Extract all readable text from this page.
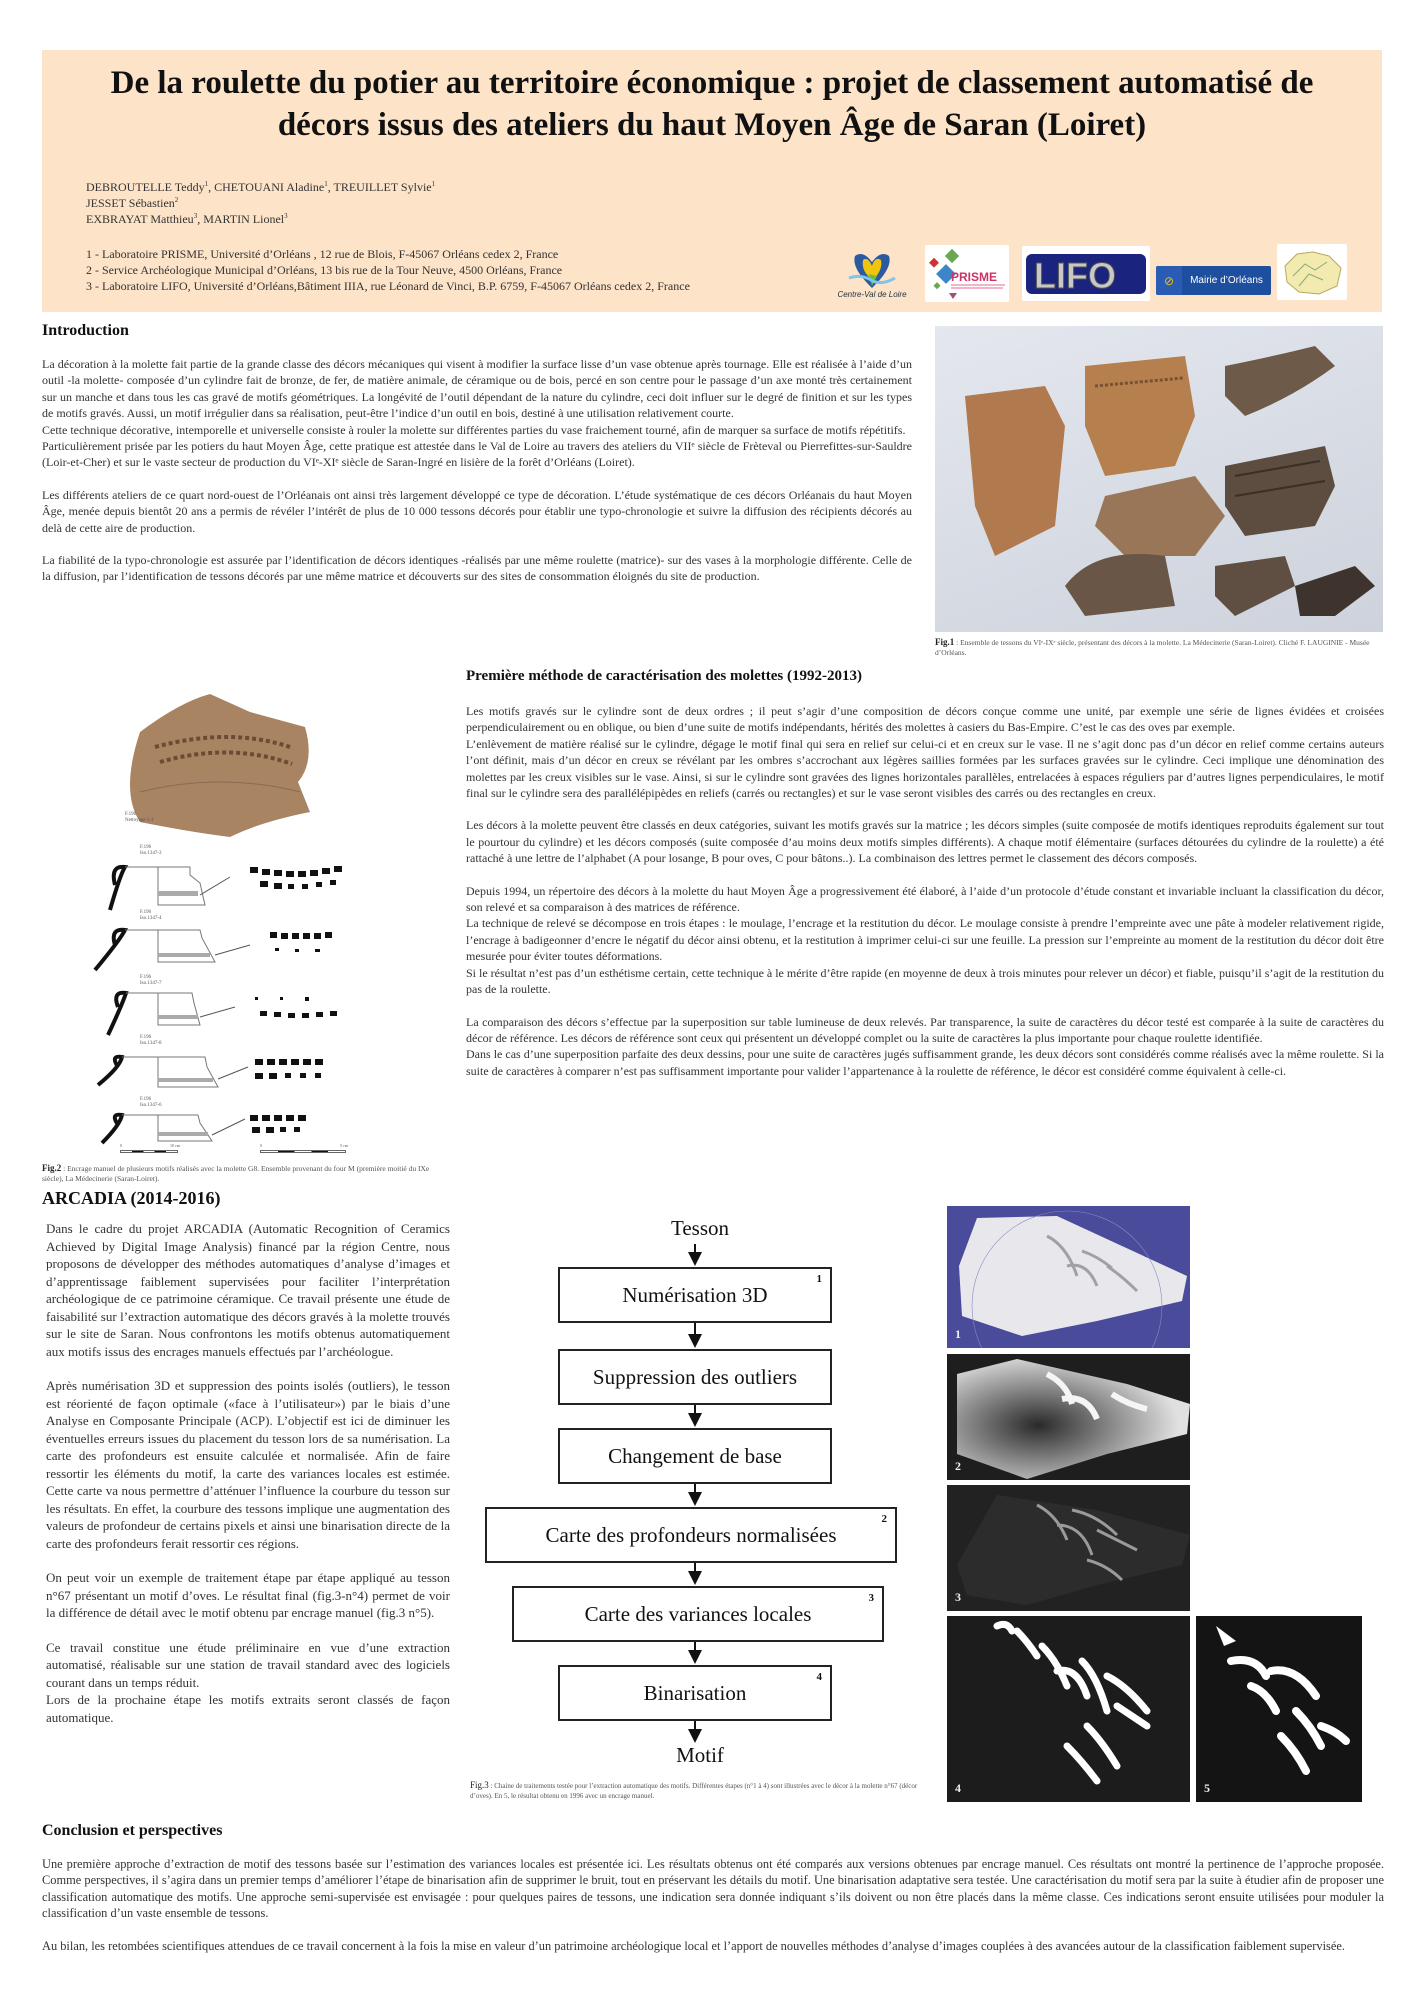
De la roulette du potier au territoire économique : projet de classement automatisé de
décors issus des ateliers du haut Moyen Âge de Saran (Loiret)
DEBROUTELLE Teddy$^1$, CHETOUANI Aladine$^1$, TREUILLET Sylvie$^1$
JESSET Sébastien$^2$
EXBRAYAT Matthieu$^3$, MARTIN Lionel$^3$
1 - Laboratoire PRISME, Université d’Orléans , 12 rue de Blois, F-45067 Orléans cedex 2, France
2 - Service Archéologique Municipal d’Orléans, 13 bis rue de la Tour Neuve, 4500 Orléans, France
3 - Laboratoire LIFO, Université d’Orléans,Bâtiment IIIA, rue Léonard de Vinci, B.P. 6759, F-45067 Orléans cedex 2, France
Centre-Val de Loire
PRISME LIFO	⊘	Mairie d’Orléans
Introduction

La décoration à la molette fait partie de la grande classe des décors mécaniques qui visent à modifier la surface lisse d’un vase obtenue après tournage. Elle est réalisée à l’aide d’un outil -la molette- composée d’un cylindre fait de bronze, de fer, de matière animale, de céramique ou de bois, percé en son centre pour le passage d’un axe monté très certainement sur un manche et dans tous les cas gravé de motifs géométriques. La longévité de l’outil dépendant de la nature du cylindre, ceci doit influer sur le degré de finition et sur les types de motifs gravés. Aussi, un motif irrégulier dans sa réalisation, peut-être l’indice d’un outil en bois, destiné à une utilisation relativement courte.

Cette technique décorative, intemporelle et universelle consiste à rouler la molette sur différentes parties du vase fraichement tourné, afin de marquer sa surface de motifs répétitifs.

Particulièrement prisée par les potiers du haut Moyen Âge, cette pratique est attestée dans le Val de Loire au travers des ateliers du VIIᵉ siècle de Frèteval ou Pierrefittes-sur-Sauldre (Loir-et-Cher) et sur le vaste secteur de production du VIᵉ-XIᵉ siècle de Saran-Ingré en lisière de la forêt d’Orléans (Loiret).

Les différents ateliers de ce quart nord-ouest de l’Orléanais ont ainsi très largement développé ce type de décoration. L’étude systématique de ces décors Orléanais du haut Moyen Âge, menée depuis bientôt 20 ans a permis de révéler l’intérêt de plus de 10 000 tessons décorés pour établir une typo-chronologie et suivre la diffusion des récipients décorés au delà de cette aire de production.

La fiabilité de la typo-chronologie est assurée par l’identification de décors identiques -réalisés par une même roulette (matrice)- sur des vases à la morphologie différente. Celle de la diffusion, par l’identification de tessons décorés par une même matrice et découverts sur des sites de consommation éloignés du site de production.

Fig.1 : Ensemble de tessons du VIᵉ-IXᵉ siècle, présentant des décors à la molette. La Médecinerie (Saran-Loiret). Cliché F. LAUGINIE - Musée d’Orléans.
F.196
Nettoyage 1-1
F.196
Iso.1347-3
F.196
Iso.1347-4
F.196
Iso.1347-7
F.196
Iso.1347-8
F.196
Iso.1347-6
0	10 cm	0	5 cm
Fig.2 : Encrage manuel de plusieurs motifs réalisés avec la molette G8. Ensemble provenant du four M (première moitié du IXe siècle), La Médecinerie (Saran-Loiret).
Première méthode de caractérisation des molettes (1992-2013)

Les motifs gravés sur le cylindre sont de deux ordres ; il peut s’agir d’une composition de décors conçue comme une unité, par exemple une série de lignes évidées et croisées perpendiculairement ou en oblique, ou bien d’une suite de motifs indépendants, hérités des molettes à casiers du Bas-Empire. C’est le cas des oves par exemple.

L’enlèvement de matière réalisé sur le cylindre, dégage le motif final qui sera en relief sur celui-ci et en creux sur le vase. Il ne s’agit donc pas d’un décor en relief comme certains auteurs l’ont définit, mais d’un décor en creux se révélant par les ombres s’accrochant aux légères saillies formées par les surfaces gravées sur le cylindre. Ceci implique une dénomination des molettes par les creux visibles sur le vase. Ainsi, si sur le cylindre sont gravées des lignes horizontales parallèles, entrelacées à espaces réguliers par d’autres lignes perpendiculaires, le motif final sur le cylindre sera des parallélépipèdes en reliefs (carrés ou rectangles) et sur le vase seront visibles des carrés ou des rectangles en creux.

Les décors à la molette peuvent être classés en deux catégories, suivant les motifs gravés sur la matrice ; les décors simples (suite composée de motifs identiques reproduits également sur tout le pourtour du cylindre) et les décors composés (suite composée d’au moins deux motifs simples différents). A chaque motif élémentaire (surfaces détourées du cylindre de la roulette) a été rattaché à une lettre de l’alphabet (A pour losange, B pour oves, C pour bâtons..). La combinaison des lettres permet le classement des décors composés.

Depuis 1994, un répertoire des décors à la molette du haut Moyen Âge a progressivement été élaboré, à l’aide d’un protocole d’étude constant et invariable incluant la classification du décor, son relevé et sa comparaison à des matrices de référence.

La technique de relevé se décompose en trois étapes : le moulage, l’encrage et la restitution du décor. Le moulage consiste à prendre l’empreinte avec une pâte à modeler relativement rigide, l’encrage à badigeonner d’encre le négatif du décor ainsi obtenu, et la restitution à imprimer celui-ci sur une feuille. La pression sur l’empreinte au moment de la restitution du décor doit être mesurée pour éviter toutes déformations.

Si le résultat n’est pas d’un esthétisme certain, cette technique à le mérite d’être rapide (en moyenne de deux à trois minutes pour relever un décor) et fiable, puisqu’il s’agit de la restitution du pas de la roulette.

La comparaison des décors s’effectue par la superposition sur table lumineuse de deux relevés. Par transparence, la suite de caractères du décor testé est comparée à la suite de caractères du décor de référence. Les décors de référence sont ceux qui présentent un développé complet ou la suite de caractères la plus importante pour chaque roulette identifiée.

Dans le cas d’une superposition parfaite des deux dessins, pour une suite de caractères jugés suffisamment grande, les deux décors sont considérés comme réalisés avec la même roulette. Si la suite de caractères à comparer n’est pas suffisamment importante pour valider l’appartenance à la roulette de référence, le décor est considéré comme équivalent à celle-ci.

ARCADIA (2014-2016)

Dans le cadre du projet ARCADIA (Automatic Recognition of Ceramics Achieved by Digital Image Analysis) financé par la région Centre, nous proposons de développer des méthodes automatiques d’analyse d’images et d’apprentissage faiblement supervisées pour faciliter l’interprétation archéologique de ce patrimoine céramique. Ce travail présente une étude de faisabilité sur l’extraction automatique des décors gravés à la molette trouvés sur le site de Saran. Nous confrontons les motifs obtenus automatiquement aux motifs issus des encrages manuels effectués par l’archéologue.

Après numérisation 3D et suppression des points isolés (outliers), le tesson est réorienté de façon optimale («face à l’utilisateur») par le biais d’une Analyse en Composante Principale (ACP). L’objectif est ici de diminuer les éventuelles erreurs issues du placement du tesson lors de sa numérisation. La carte des profondeurs est ensuite calculée et normalisée. Afin de faire ressortir les éléments du motif, la carte des variances locales est estimée. Cette carte va nous permettre d’atténuer l’influence la courbure du tesson sur les résultats. En effet, la courbure des tessons implique une augmentation des valeurs de profondeur de certains pixels et ainsi une binarisation directe de la carte des profondeurs ferait ressortir ces régions.

On peut voir un exemple de traitement étape par étape appliqué au tesson n°67 présentant un motif d’oves. Le résultat final (fig.3-n°4) permet de voir la différence de détail avec le motif obtenu par encrage manuel (fig.3 n°5).

Ce travail constitue une étude préliminaire en vue d’une extraction automatisé, réalisable sur une station de travail standard avec des logiciels courant dans un temps réduit.

Lors de la prochaine étape les motifs extraits seront classés de façon automatique.

Tesson
Numérisation 3D
1
Suppression des outliers
Changement de base
Carte des profondeurs normalisées
2
Carte des variances locales
3
Binarisation
4
Motif
Fig.3 : Chaine de traitements testée pour l’extraction automatique des motifs. Différentes étapes (n°1 à 4) sont illustrées avec le décor à la molette n°67 (décor d’oves). En 5, le résultat obtenu en 1996 avec un encrage manuel.
1
2
3
4	5
Conclusion et perspectives

Une première approche d’extraction de motif des tessons basée sur l’estimation des variances locales est présentée ici. Les résultats obtenus ont été comparés aux versions obtenues par encrage manuel. Ces résultats ont montré la pertinence de l’approche proposée. Comme perspectives, il s’agira dans un premier temps d’améliorer l’étape de binarisation afin de supprimer le bruit, tout en préservant les détails du motif. Une binarisation adaptative sera testée. Une caractérisation du motif sera par la suite à étudier afin de proposer une classification automatique des motifs. Une approche semi-supervisée est envisagée : pour quelques paires de tessons, une indication sera donnée indiquant s’ils doivent ou non être placés dans la même classe. Ces indications seront ensuite utilisées pour moduler la classification d’un vaste ensemble de tessons.

Au bilan, les retombées scientifiques attendues de ce travail concernent à la fois la mise en valeur d’un patrimoine archéologique local et l’apport de nouvelles méthodes d’analyse d’images couplées à des avancées autour de la classification faiblement supervisée.
